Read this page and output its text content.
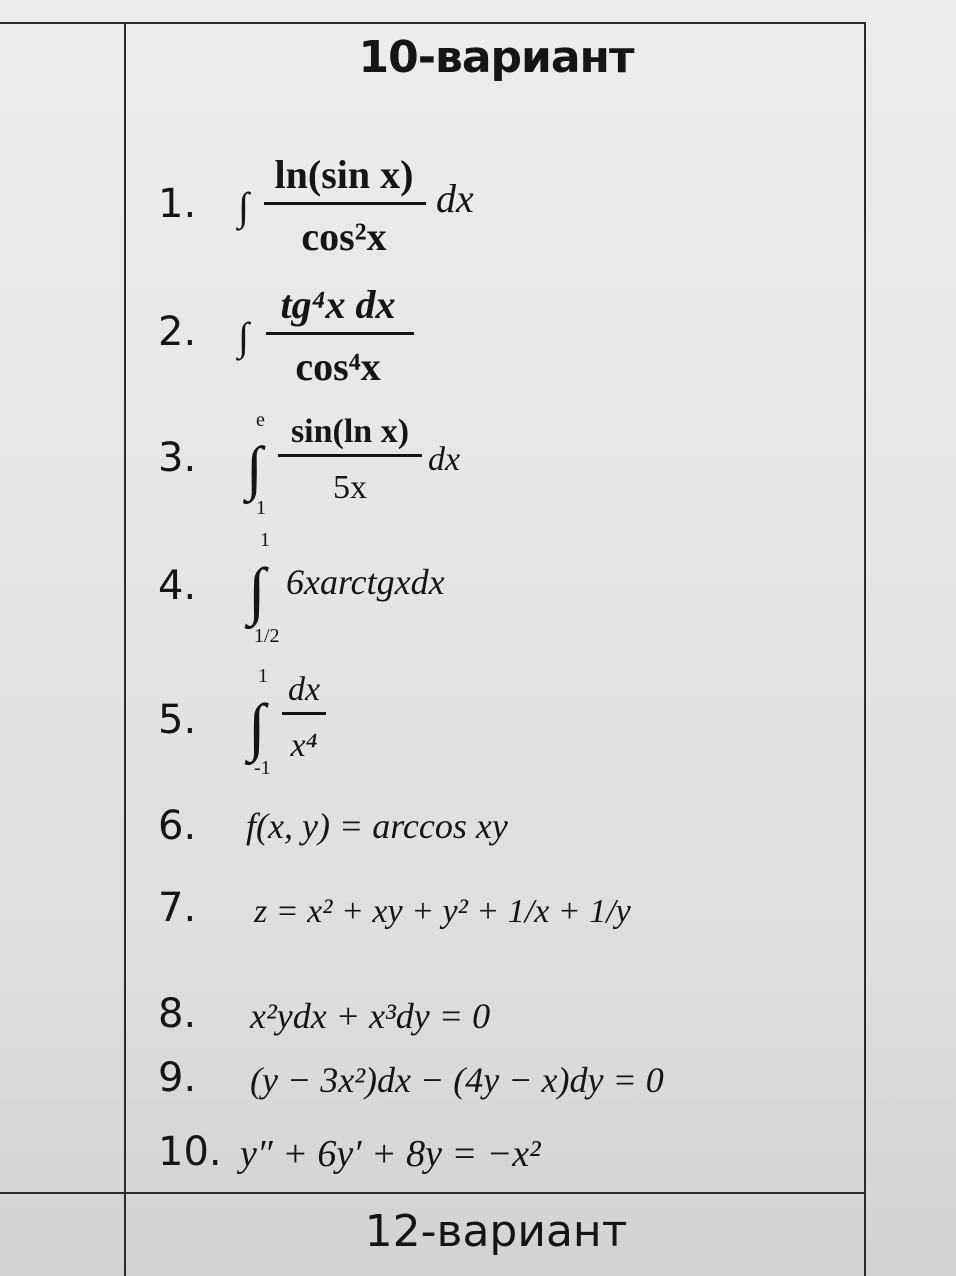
10-вариант
1. ∫
ln(sin x)
cos²x
dx
2. ∫
tg⁴x dx
cos⁴x
3.
e
∫
1
sin(ln x)
5x
dx
4.
1
∫
1/2
6xarctgxdx
5.
1
∫
-1
dx
x⁴
6. f(x, y) = arccos xy
7. z = x² + xy + y² + 1/x + 1/y
8. x²ydx + x³dy = 0
9. (y − 3x²)dx − (4y − x)dy = 0
10. y″ + 6y′ + 8y = −x²
12-вариант
